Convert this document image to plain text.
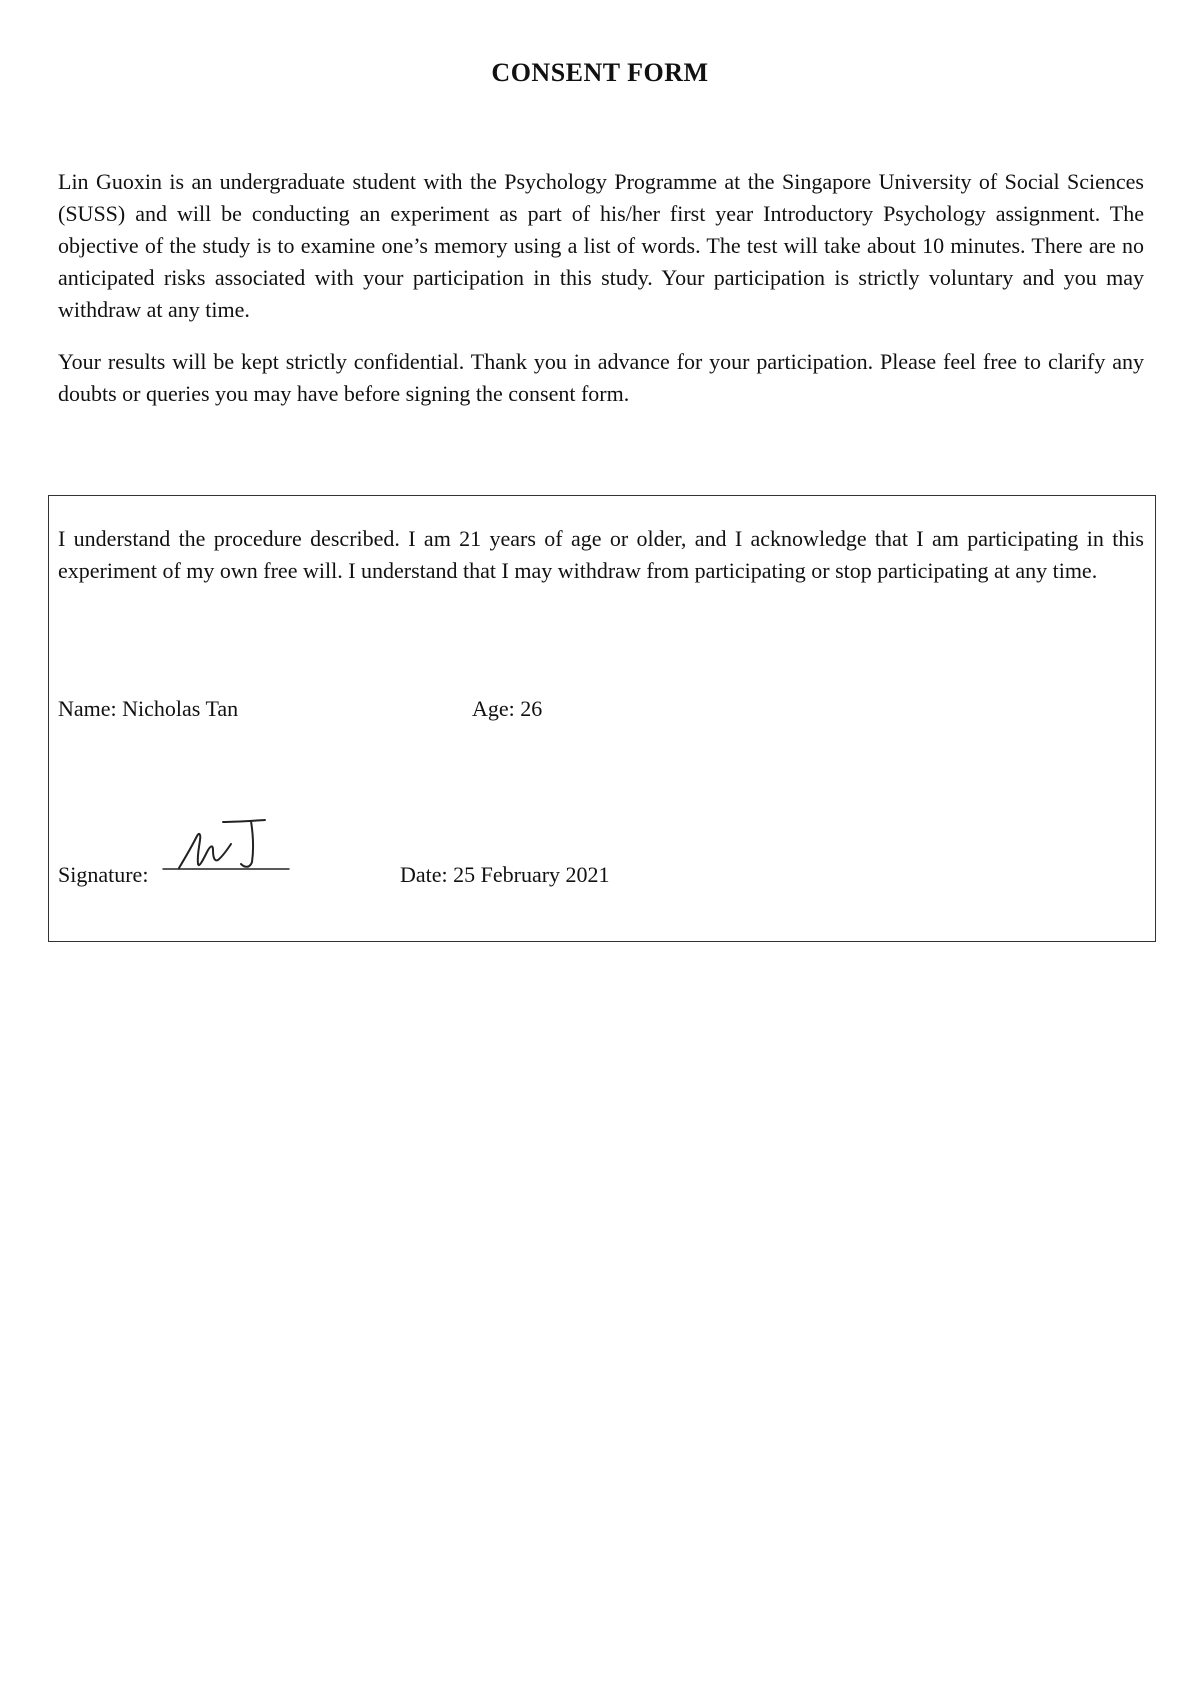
CONSENT FORM

Lin Guoxin is an undergraduate student with the Psychology Programme at the Singapore University of Social Sciences (SUSS) and will be conducting an experiment as part of his/her first year Introductory Psychology assignment. The objective of the study is to examine one’s memory using a list of words. The test will take about 10 minutes. There are no anticipated risks associated with your participation in this study. Your participation is strictly voluntary and you may withdraw at any time.

Your results will be kept strictly confidential. Thank you in advance for your participation. Please feel free to clarify any doubts or queries you may have before signing the consent form.

I understand the procedure described. I am 21 years of age or older, and I acknowledge that I am participating in this experiment of my own free will. I understand that I may withdraw from participating or stop participating at any time.

Name: Nicholas Tan	Age: 26

Signature:	Date: 25 February 2021
